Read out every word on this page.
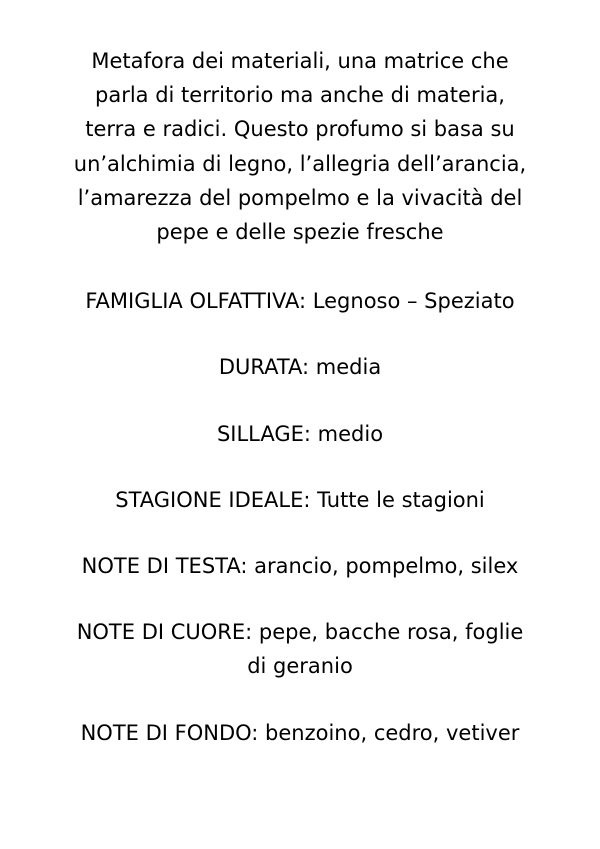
Metafora dei materiali, una matrice che
parla di territorio ma anche di materia,
terra e radici. Questo profumo si basa su
un’alchimia di legno, l’allegria dell’arancia,
l’amarezza del pompelmo e la vivacità del
pepe e delle spezie fresche

FAMIGLIA OLFATTIVA: Legnoso – Speziato

DURATA: media

SILLAGE: medio

STAGIONE IDEALE: Tutte le stagioni

NOTE DI TESTA: arancio, pompelmo, silex

NOTE DI CUORE: pepe, bacche rosa, foglie
di geranio

NOTE DI FONDO: benzoino, cedro, vetiver
